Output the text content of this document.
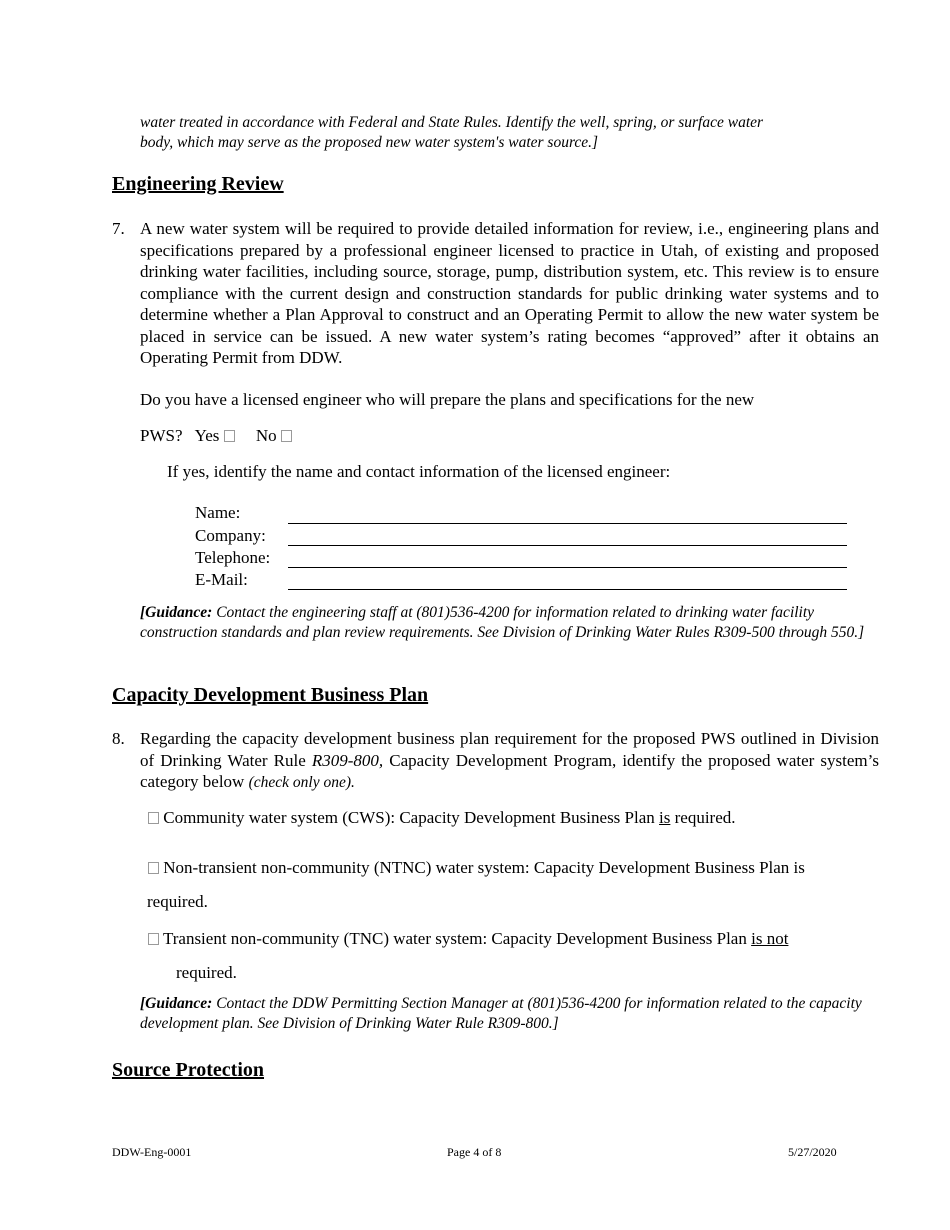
water treated in accordance with Federal and State Rules. Identify the well, spring, or surface water
body, which may serve as the proposed new water system's water source.]
Engineering Review
7. A new water system will be required to provide detailed information for review, i.e., engineering plans and specifications prepared by a professional engineer licensed to practice in Utah, of existing and proposed drinking water facilities, including source, storage, pump, distribution system, etc. This review is to ensure compliance with the current design and construction standards for public drinking water systems and to determine whether a Plan Approval to construct and an Operating Permit to allow the new water system be placed in service can be issued. A new water system’s rating becomes “approved” after it obtains an Operating Permit from DDW.
Do you have a licensed engineer who will prepare the plans and specifications for the new
PWS? Yes No
If yes, identify the name and contact information of the licensed engineer:
Name:
Company:
Telephone:
E-Mail:
[Guidance: Contact the engineering staff at (801)536-4200 for information related to drinking water facility construction standards and plan review requirements. See Division of Drinking Water Rules R309-500 through 550.]
Capacity Development Business Plan
8. Regarding the capacity development business plan requirement for the proposed PWS outlined in Division of Drinking Water Rule R309-800, Capacity Development Program, identify the proposed water system’s category below (check only one).
Community water system (CWS): Capacity Development Business Plan is required.
Non-transient non-community (NTNC) water system: Capacity Development Business Plan is
required.
Transient non-community (TNC) water system: Capacity Development Business Plan is not
required.
[Guidance: Contact the DDW Permitting Section Manager at (801)536-4200 for information related to the capacity development plan. See Division of Drinking Water Rule R309-800.]
Source Protection
DDW-Eng-0001	Page 4 of 8	5/27/2020
